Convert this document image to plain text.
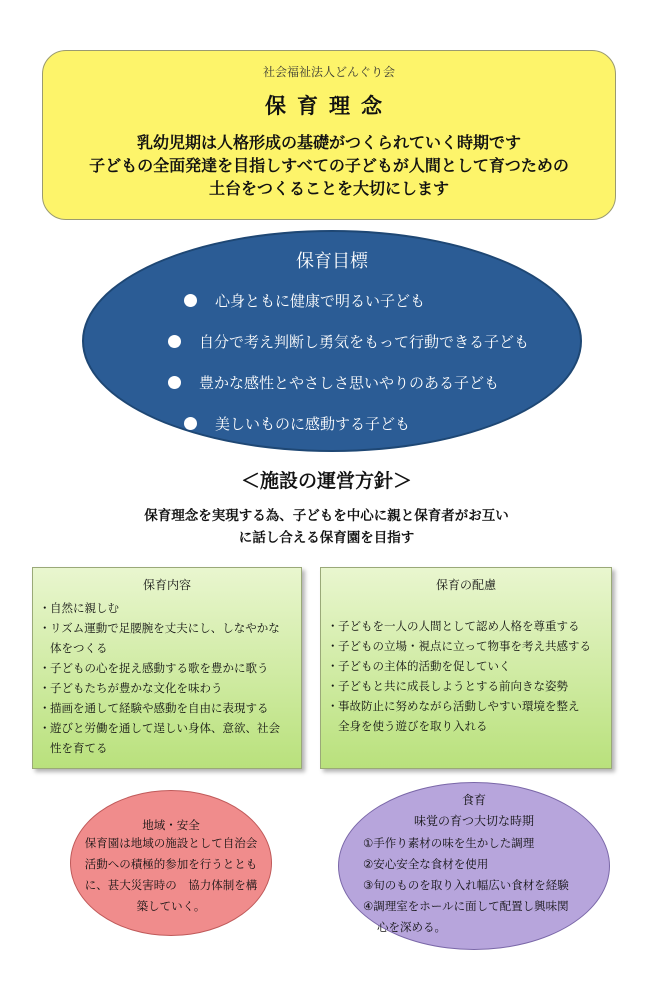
社会福祉法人どんぐり会
保育理念
乳幼児期は人格形成の基礎がつくられていく時期です
子どもの全面発達を目指しすべての子どもが人間として育つための
土台をつくることを大切にします
保育目標
心身ともに健康で明るい子ども
自分で考え判断し勇気をもって行動できる子ども
豊かな感性とやさしさ思いやりのある子ども
美しいものに感動する子ども
＜施設の運営方針＞
保育理念を実現する為、子どもを中心に親と保育者がお互い
に話し合える保育園を目指す
保育内容
・自然に親しむ
・リズム運動で足腰腕を丈夫にし、しなやかな
体をつくる
・子どもの心を捉え感動する歌を豊かに歌う
・子どもたちが豊かな文化を味わう
・描画を通して経験や感動を自由に表現する
・遊びと労働を通して逞しい身体、意欲、社会
性を育てる
保育の配慮
・子どもを一人の人間として認め人格を尊重する
・子どもの立場・視点に立って物事を考え共感する
・子どもの主体的活動を促していく
・子どもと共に成長しようとする前向きな姿勢
・事故防止に努めながら活動しやすい環境を整え
全身を使う遊びを取り入れる
地域・安全
保育園は地域の施設として自治会
活動への積極的参加を行うととも
に、甚大災害時の　協力体制を構
築していく。
食育
味覚の育つ大切な時期
①手作り素材の味を生かした調理
②安心安全な食材を使用
③旬のものを取り入れ幅広い食材を経験
④調理室をホールに面して配置し興味関
心を深める。
